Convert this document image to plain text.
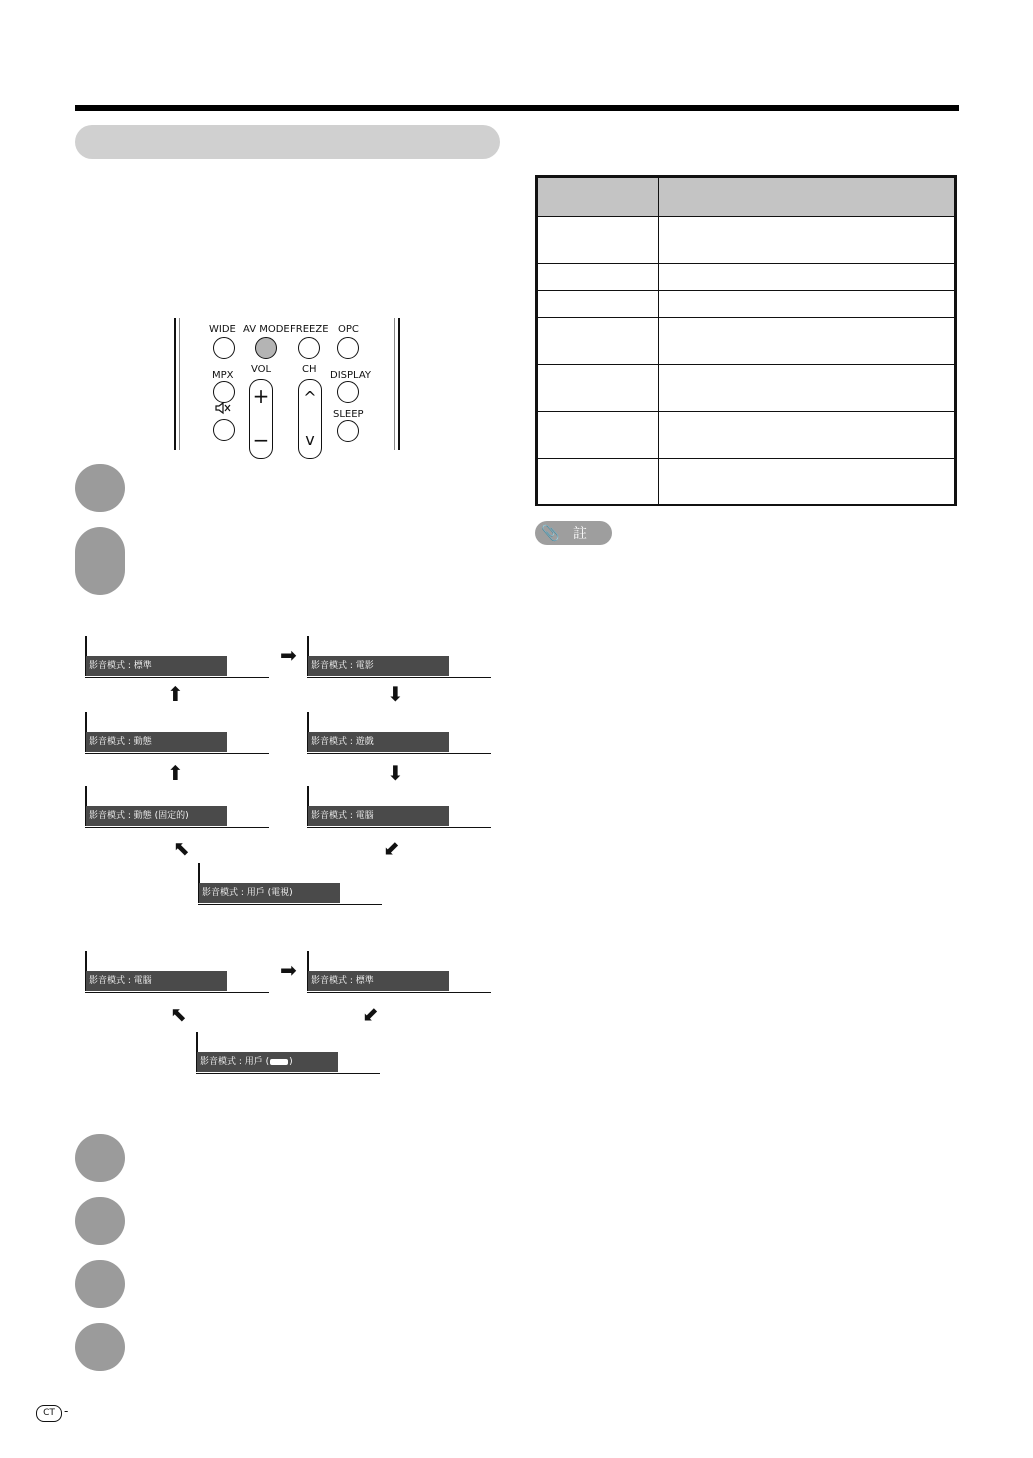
WIDE AV MODE FREEZE OPC
MPX
VOL	CH
DISPLAY
+
−
^
v
SLEEP
影音模式 : 標準	影音模式 : 電影
影音模式 : 動態	影音模式 : 遊戲
影音模式 : 動態 (固定的)	影音模式 : 電腦
影音模式 : 用戶 (電視)
➡
⬆	⬇
⬆	⬇
⬉	⬋
影音模式 : 電腦	影音模式 : 標準
影音模式 : 用戶 ( )
➡
⬉	⬋

📎 註
CT -
